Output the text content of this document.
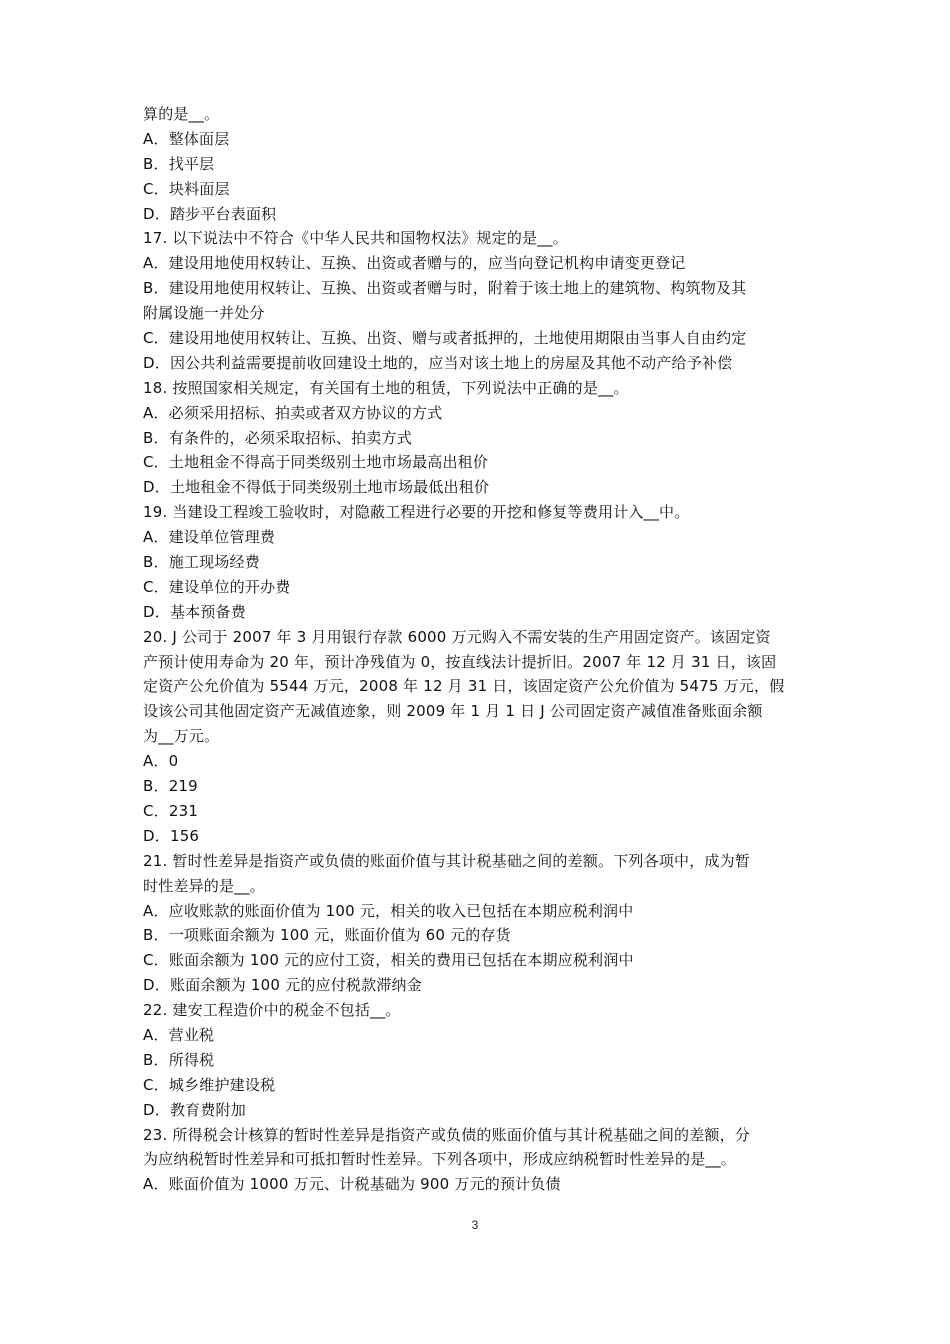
算的是__。
A．整体面层
B．找平层
C．块料面层
D．踏步平台表面积
17. 以下说法中不符合《中华人民共和国物权法》规定的是__。
A．建设用地使用权转让、互换、出资或者赠与的，应当向登记机构申请变更登记
B．建设用地使用权转让、互换、出资或者赠与时，附着于该土地上的建筑物、构筑物及其
附属设施一并处分
C．建设用地使用权转让、互换、出资、赠与或者抵押的，土地使用期限由当事人自由约定
D．因公共利益需要提前收回建设土地的，应当对该土地上的房屋及其他不动产给予补偿
18. 按照国家相关规定，有关国有土地的租赁，下列说法中正确的是__。
A．必须采用招标、拍卖或者双方协议的方式
B．有条件的，必须采取招标、拍卖方式
C．土地租金不得高于同类级别土地市场最高出租价
D．土地租金不得低于同类级别土地市场最低出租价
19. 当建设工程竣工验收时，对隐蔽工程进行必要的开挖和修复等费用计入__中。
A．建设单位管理费
B．施工现场经费
C．建设单位的开办费
D．基本预备费
20. J 公司于 2007 年 3 月用银行存款 6000 万元购入不需安装的生产用固定资产。该固定资
产预计使用寿命为 20 年，预计净残值为 0，按直线法计提折旧。2007 年 12 月 31 日，该固
定资产公允价值为 5544 万元，2008 年 12 月 31 日，该固定资产公允价值为 5475 万元，假
设该公司其他固定资产无减值迹象，则 2009 年 1 月 1 日 J 公司固定资产减值准备账面余额
为__万元。
A．0
B．219
C．231
D．156
21. 暂时性差异是指资产或负债的账面价值与其计税基础之间的差额。下列各项中，成为暂
时性差异的是__。
A．应收账款的账面价值为 100 元，相关的收入已包括在本期应税利润中
B．一项账面余额为 100 元，账面价值为 60 元的存货
C．账面余额为 100 元的应付工资，相关的费用已包括在本期应税利润中
D．账面余额为 100 元的应付税款滞纳金
22. 建安工程造价中的税金不包括__。
A．营业税
B．所得税
C．城乡维护建设税
D．教育费附加
23. 所得税会计核算的暂时性差异是指资产或负债的账面价值与其计税基础之间的差额，分
为应纳税暂时性差异和可抵扣暂时性差异。下列各项中，形成应纳税暂时性差异的是__。
A．账面价值为 1000 万元、计税基础为 900 万元的预计负债
3
